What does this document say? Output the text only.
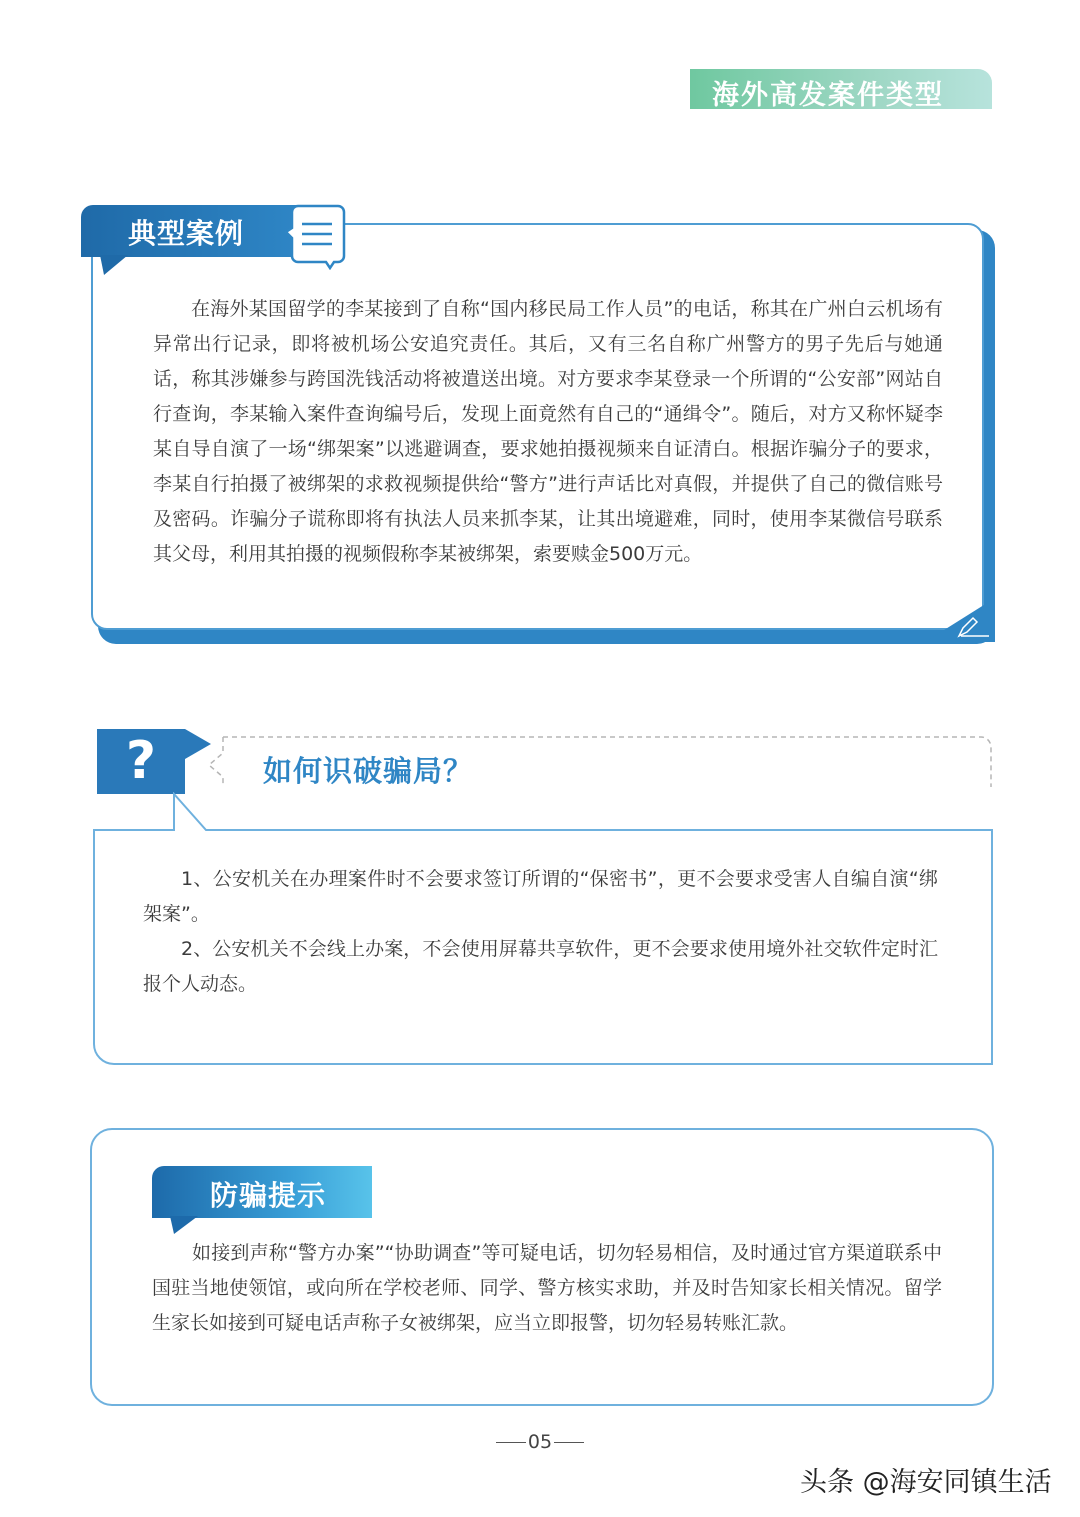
海外高发案件类型

在海外某国留学的李某接到了自称“国内移民局工作人员”的电话，称其在广州白云机场有异常出行记录，即将被机场公安追究责任。其后，又有三名自称广州警方的男子先后与她通话，称其涉嫌参与跨国洗钱活动将被遣送出境。对方要求李某登录一个所谓的“公安部”网站自行查询，李某输入案件查询编号后，发现上面竟然有自己的“通缉令”。随后，对方又称怀疑李某自导自演了一场“绑架案”以逃避调查，要求她拍摄视频来自证清白。根据诈骗分子的要求，李某自行拍摄了被绑架的求救视频提供给“警方”进行声话比对真假，并提供了自己的微信账号及密码。诈骗分子谎称即将有执法人员来抓李某，让其出境避难，同时，使用李某微信号联系其父母，利用其拍摄的视频假称李某被绑架，索要赎金500万元。

典型案例
?	如何识破骗局？

1、公安机关在办理案件时不会要求签订所谓的“保密书”，更不会要求受害人自编自演“绑架案”。

2、公安机关不会线上办案，不会使用屏幕共享软件，更不会要求使用境外社交软件定时汇报个人动态。

防骗提示

如接到声称“警方办案”“协助调查”等可疑电话，切勿轻易相信，及时通过官方渠道联系中国驻当地使领馆，或向所在学校老师、同学、警方核实求助，并及时告知家长相关情况。留学生家长如接到可疑电话声称子女被绑架，应当立即报警，切勿轻易转账汇款。

05
头条 @海安同镇生活
